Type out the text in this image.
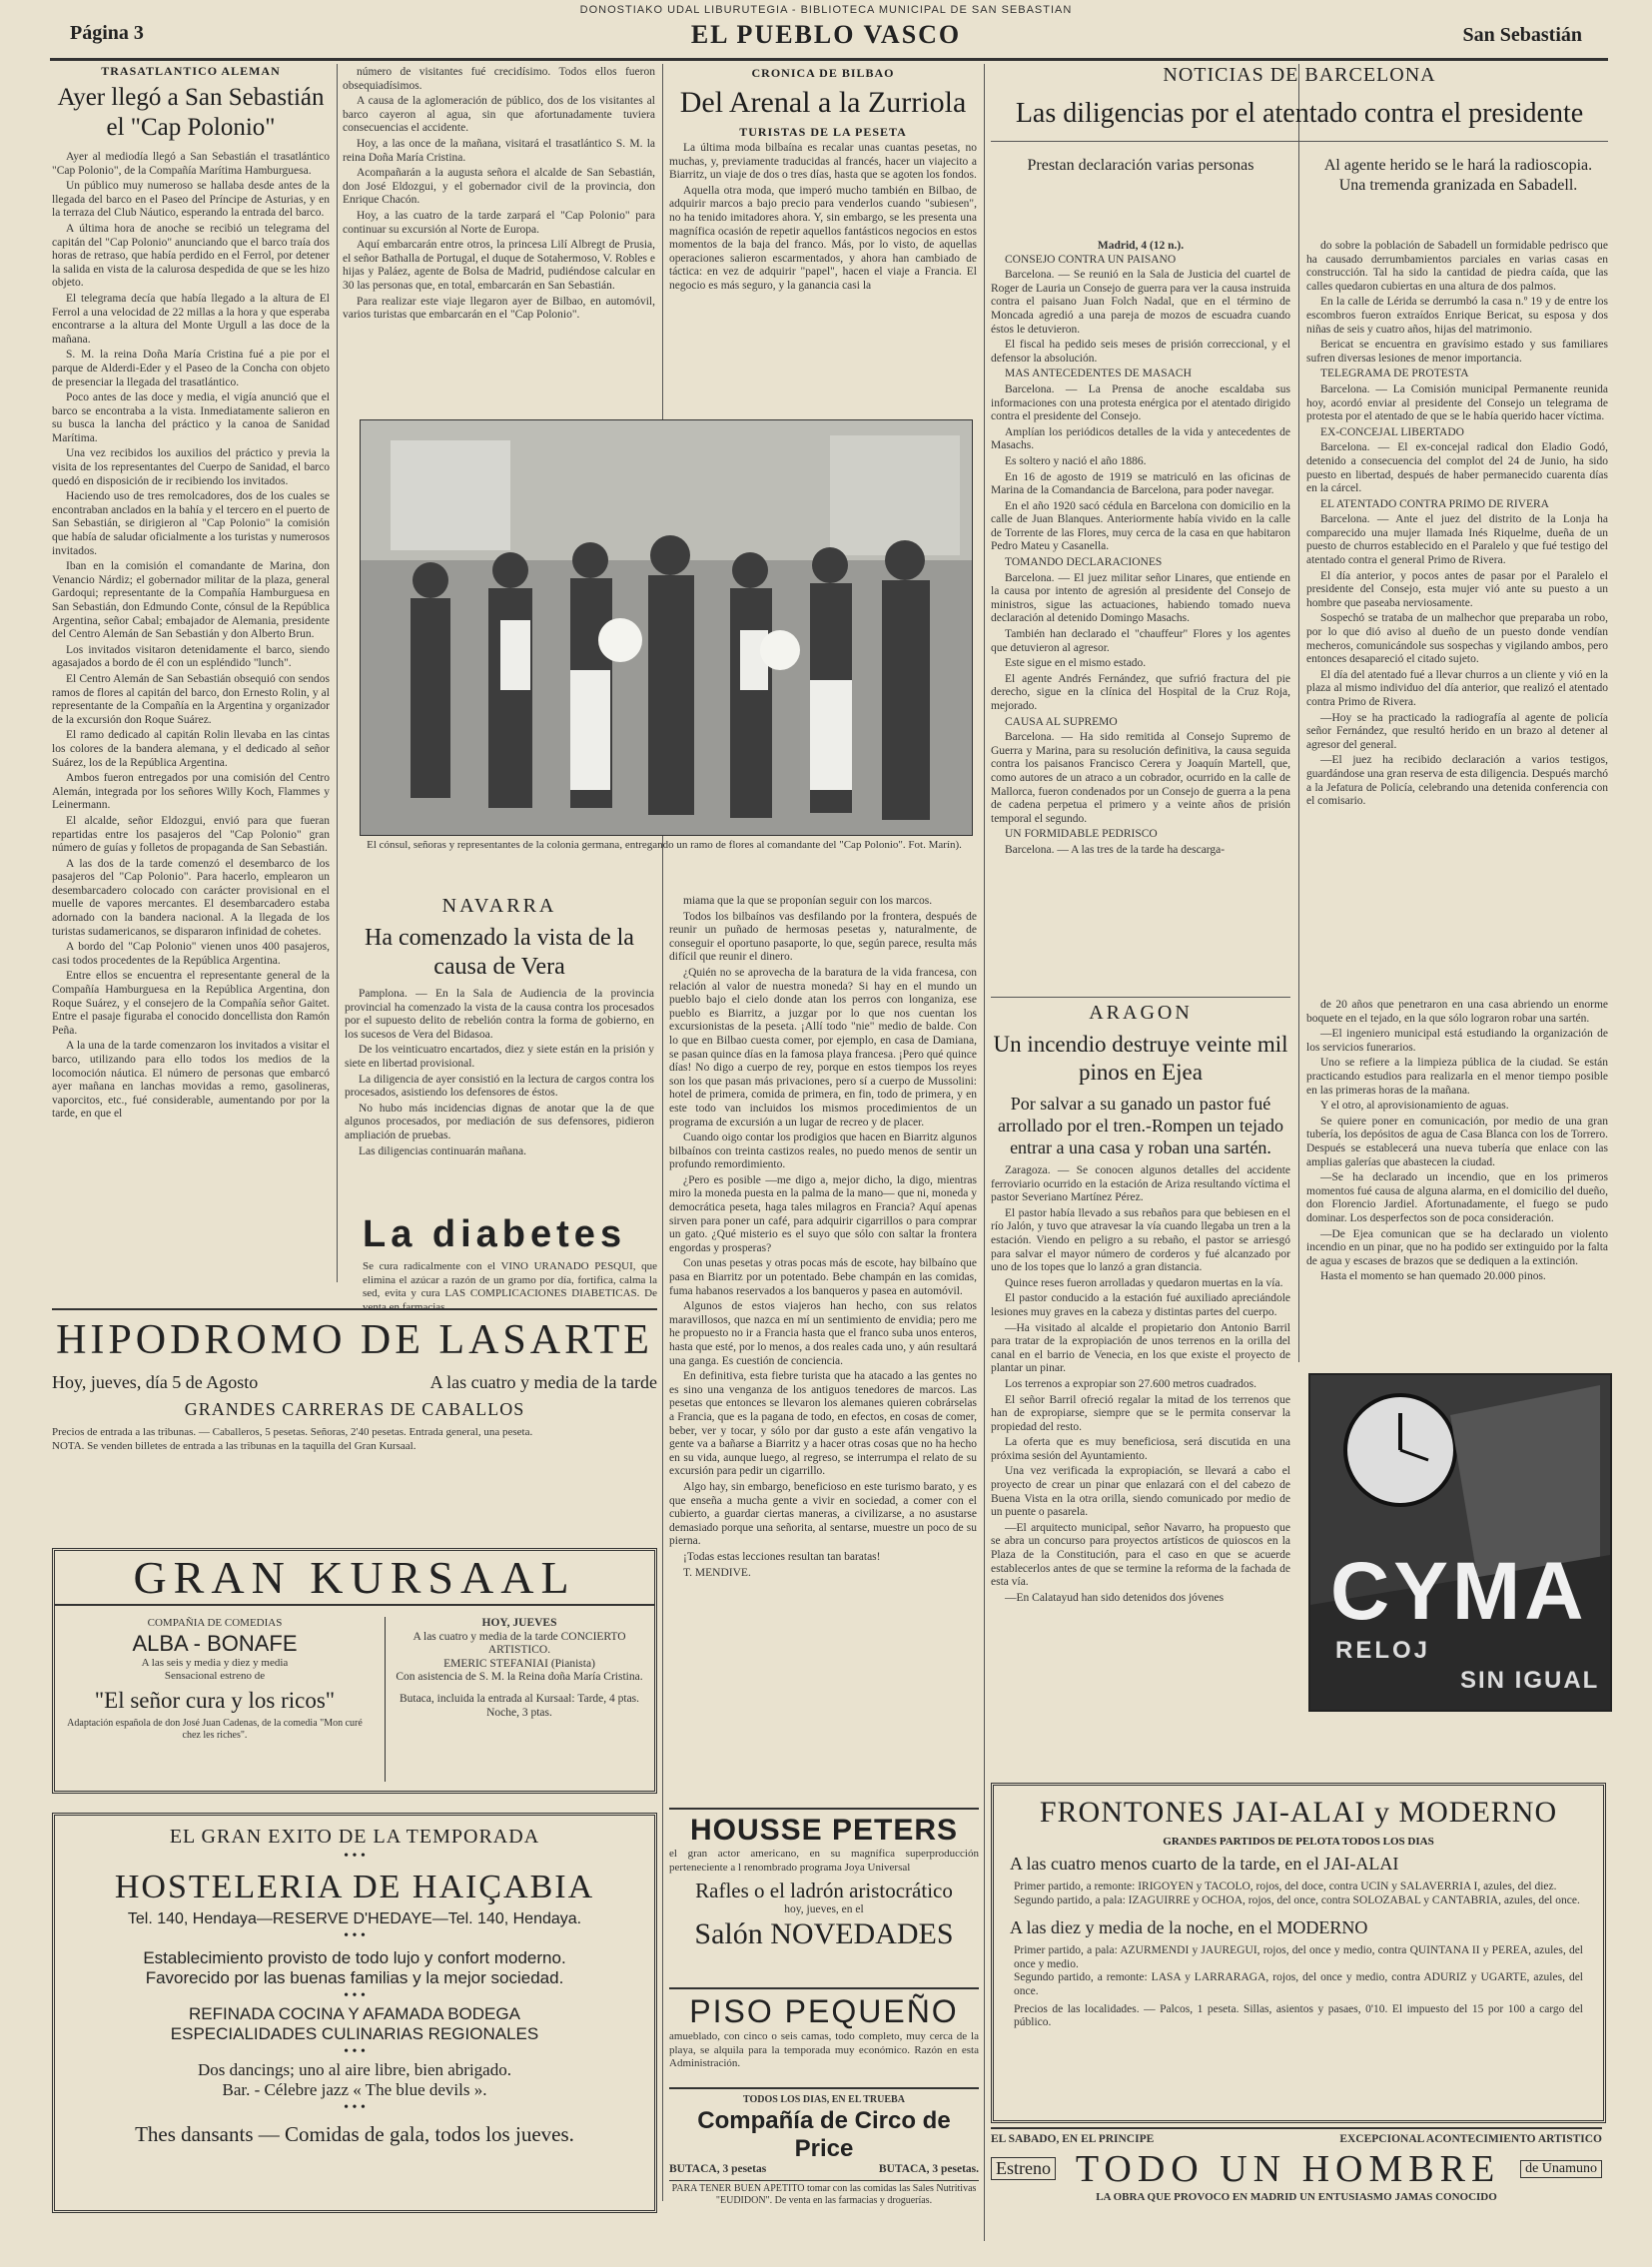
DONOSTIAKO UDAL LIBURUTEGIA - BIBLIOTECA MUNICIPAL DE SAN SEBASTIAN
Página 3	EL PUEBLO VASCO	San Sebastián
TRASATLANTICO ALEMAN
Ayer llegó a San Sebastián el "Cap Polonio"

Ayer al mediodía llegó a San Sebastián el trasatlántico "Cap Polonio", de la Compañía Marítima Hamburguesa.

Un público muy numeroso se hallaba desde antes de la llegada del barco en el Paseo del Príncipe de Asturias, y en la terraza del Club Náutico, esperando la entrada del barco.

A última hora de anoche se recibió un telegrama del capitán del "Cap Polonio" anunciando que el barco traía dos horas de retraso, que había perdido en el Ferrol, por detener la salida en vista de la calurosa despedida de que se les hizo objeto.

El telegrama decía que había llegado a la altura de El Ferrol a una velocidad de 22 millas a la hora y que esperaba encontrarse a la altura del Monte Urgull a las doce de la mañana.

S. M. la reina Doña María Cristina fué a pie por el parque de Alderdi-Eder y el Paseo de la Concha con objeto de presenciar la llegada del trasatlántico.

Poco antes de las doce y media, el vigía anunció que el barco se encontraba a la vista. Inmediatamente salieron en su busca la lancha del práctico y la canoa de Sanidad Marítima.

Una vez recibidos los auxilios del práctico y previa la visita de los representantes del Cuerpo de Sanidad, el barco quedó en disposición de ir recibiendo los invitados.

Haciendo uso de tres remolcadores, dos de los cuales se encontraban anclados en la bahía y el tercero en el puerto de San Sebastián, se dirigieron al "Cap Polonio" la comisión que había de saludar oficialmente a los turistas y numerosos invitados.

Iban en la comisión el comandante de Marina, don Venancio Nárdiz; el gobernador militar de la plaza, general Gardoqui; representante de la Compañía Hamburguesa en San Sebastián, don Edmundo Conte, cónsul de la República Argentina, señor Cabal; embajador de Alemania, presidente del Centro Alemán de San Sebastián y don Alberto Brun.

Los invitados visitaron detenidamente el barco, siendo agasajados a bordo de él con un espléndido "lunch".

El Centro Alemán de San Sebastián obsequió con sendos ramos de flores al capitán del barco, don Ernesto Rolin, y al representante de la Compañía en la Argentina y organizador de la excursión don Roque Suárez.

El ramo dedicado al capitán Rolin llevaba en las cintas los colores de la bandera alemana, y el dedicado al señor Suárez, los de la República Argentina.

Ambos fueron entregados por una comisión del Centro Alemán, integrada por los señores Willy Koch, Flammes y Leinermann.

El alcalde, señor Eldozgui, envió para que fueran repartidas entre los pasajeros del "Cap Polonio" gran número de guías y folletos de propaganda de San Sebastián.

A las dos de la tarde comenzó el desembarco de los pasajeros del "Cap Polonio". Para hacerlo, emplearon un desembarcadero colocado con carácter provisional en el muelle de vapores mercantes. El desembarcadero estaba adornado con la bandera nacional. A la llegada de los turistas sudamericanos, se dispararon infinidad de cohetes.

A bordo del "Cap Polonio" vienen unos 400 pasajeros, casi todos procedentes de la República Argentina.

Entre ellos se encuentra el representante general de la Compañía Hamburguesa en la República Argentina, don Roque Suárez, y el consejero de la Compañía señor Gaitet. Entre el pasaje figuraba el conocido doncellista don Ramón Peña.

A la una de la tarde comenzaron los invitados a visitar el barco, utilizando para ello todos los medios de la locomoción náutica. El número de personas que embarcó ayer mañana en lanchas movidas a remo, gasolineras, vaporcitos, etc., fué considerable, aumentando por por la tarde, en que el

número de visitantes fué crecidísimo. Todos ellos fueron obsequiadísimos.

A causa de la aglomeración de público, dos de los visitantes al barco cayeron al agua, sin que afortunadamente tuviera consecuencias el accidente.

Hoy, a las once de la mañana, visitará el trasatlántico S. M. la reina Doña María Cristina.

Acompañarán a la augusta señora el alcalde de San Sebastián, don José Eldozgui, y el gobernador civil de la provincia, don Enrique Chacón.

Hoy, a las cuatro de la tarde zarpará el "Cap Polonio" para continuar su excursión al Norte de Europa.

Aquí embarcarán entre otros, la princesa Lilí Albregt de Prusia, el señor Bathalla de Portugal, el duque de Sotahermoso, V. Robles e hijas y Paláez, agente de Bolsa de Madrid, pudiéndose calcular en 30 las personas que, en total, embarcarán en San Sebastián.

Para realizar este viaje llegaron ayer de Bilbao, en automóvil, varios turistas que embarcarán en el "Cap Polonio".

CRONICA DE BILBAO
Del Arenal a la Zurriola
TURISTAS DE LA PESETA

La última moda bilbaína es recalar unas cuantas pesetas, no muchas, y, previamente traducidas al francés, hacer un viajecito a Biarritz, un viaje de dos o tres días, hasta que se agoten los fondos.

Aquella otra moda, que imperó mucho también en Bilbao, de adquirir marcos a bajo precio para venderlos cuando "subiesen", no ha tenido imitadores ahora. Y, sin embargo, se les presenta una magnífica ocasión de repetir aquellos fantásticos negocios en estos momentos de la baja del franco. Más, por lo visto, de aquellas operaciones salieron escarmentados, y ahora han cambiado de táctica: en vez de adquirir "papel", hacen el viaje a Francia. El negocio es más seguro, y la ganancia casi la

El cónsul, señoras y representantes de la colonia germana, entregando un ramo de flores al comandante del "Cap Polonio". Fot. Marín).
NAVARRA
Ha comenzado la vista de la causa de Vera

Pamplona. — En la Sala de Audiencia de la provincia provincial ha comenzado la vista de la causa contra los procesados por el supuesto delito de rebelión contra la forma de gobierno, en los sucesos de Vera del Bidasoa.

De los veinticuatro encartados, diez y siete están en la prisión y siete en libertad provisional.

La diligencia de ayer consistió en la lectura de cargos contra los procesados, asistiendo los defensores de éstos.

No hubo más incidencias dignas de anotar que la de que algunos procesados, por mediación de sus defensores, pidieron ampliación de pruebas.

Las diligencias continuarán mañana.

La diabetes
Se cura radicalmente con el VINO URANADO PESQUI, que elimina el azúcar a razón de un gramo por día, fortifica, calma la sed, evita y cura LAS COMPLICACIONES DIABETICAS. De venta en farmacias.

miama que la que se proponían seguir con los marcos.

Todos los bilbaínos vas desfilando por la frontera, después de reunir un puñado de hermosas pesetas y, naturalmente, de conseguir el oportuno pasaporte, lo que, según parece, resulta más difícil que reunir el dinero.

¿Quién no se aprovecha de la baratura de la vida francesa, con relación al valor de nuestra moneda? Si hay en el mundo un pueblo bajo el cielo donde atan los perros con longaniza, ese pueblo es Biarritz, a juzgar por lo que nos cuentan los excursionistas de la peseta. ¡Allí todo "nie" medio de balde. Con lo que en Bilbao cuesta comer, por ejemplo, en casa de Damiana, se pasan quince días en la famosa playa francesa. ¡Pero qué quince días! No digo a cuerpo de rey, porque en estos tiempos los reyes son los que pasan más privaciones, pero sí a cuerpo de Mussolini: hotel de primera, comida de primera, en fin, todo de primera, y en este todo van incluidos los mismos procedimientos de un programa de excursión a un lugar de recreo y de placer.

Cuando oigo contar los prodigios que hacen en Biarritz algunos bilbaínos con treinta castizos reales, no puedo menos de sentir un profundo remordimiento.

¿Pero es posible —me digo a, mejor dicho, la digo, mientras miro la moneda puesta en la palma de la mano— que ni, moneda y democrática peseta, haga tales milagros en Francia? Aquí apenas sirven para poner un café, para adquirir cigarrillos o para comprar un gato. ¿Qué misterio es el suyo que sólo con saltar la frontera engordas y prosperas?

Con unas pesetas y otras pocas más de escote, hay bilbaíno que pasa en Biarritz por un potentado. Bebe champán en las comidas, fuma habanos reservados a los banqueros y pasea en automóvil.

Algunos de estos viajeros han hecho, con sus relatos maravillosos, que nazca en mí un sentimiento de envidia; pero me he propuesto no ir a Francia hasta que el franco suba unos enteros, hasta que esté, por lo menos, a dos reales cada uno, y aún resultará una ganga. Es cuestión de conciencia.

En definitiva, esta fiebre turista que ha atacado a las gentes no es sino una venganza de los antiguos tenedores de marcos. Las pesetas que entonces se llevaron los alemanes quieren cobrárselas a Francia, que es la pagana de todo, en efectos, en cosas de comer, beber, ver y tocar, y sólo por dar gusto a este afán vengativo la gente va a bañarse a Biarritz y a hacer otras cosas que no ha hecho en su vida, aunque luego, al regreso, se interrumpa el relato de su excursión para pedir un cigarrillo.

Algo hay, sin embargo, beneficioso en este turismo barato, y es que enseña a mucha gente a vivir en sociedad, a comer con el cubierto, a guardar ciertas maneras, a civilizarse, a no asustarse demasiado porque una señorita, al sentarse, muestre un poco de su pierna.

¡Todas estas lecciones resultan tan baratas!

T. MENDIVE.

HIPODROMO DE LASARTE
Hoy, jueves, día 5 de Agosto	A las cuatro y media de la tarde
GRANDES CARRERAS DE CABALLOS
Precios de entrada a las tribunas. — Caballeros, 5 pesetas. Señoras, 2'40 pesetas. Entrada general, una peseta.
NOTA. Se venden billetes de entrada a las tribunas en la taquilla del Gran Kursaal.
GRAN KURSAAL
COMPAÑIA DE COMEDIAS
ALBA - BONAFE
A las seis y media y diez y media
Sensacional estreno de
"El señor cura y los ricos"
Adaptación española de don José Juan Cadenas, de la comedia "Mon curé chez les riches".
HOY, JUEVES
A las cuatro y media de la tarde CONCIERTO ARTISTICO.
EMERIC STEFANIAI (Pianista)
Con asistencia de S. M. la Reina doña María Cristina.
Butaca, incluida la entrada al Kursaal: Tarde, 4 ptas. Noche, 3 ptas.
EL GRAN EXITO DE LA TEMPORADA
• • •
HOSTELERIA DE HAIÇABIA
Tel. 140, Hendaya—RESERVE D'HEDAYE—Tel. 140, Hendaya.
• • •
Establecimiento provisto de todo lujo y confort moderno.
Favorecido por las buenas familias y la mejor sociedad.
• • •
REFINADA COCINA Y AFAMADA BODEGA
ESPECIALIDADES CULINARIAS REGIONALES
• • •
Dos dancings; uno al aire libre, bien abrigado.
Bar. - Célebre jazz « The blue devils ».
• • •
Thes dansants — Comidas de gala, todos los jueves.
NOTICIAS DE BARCELONA
Las diligencias por el atentado contra el presidente
Prestan declaración varias personas	Al agente herido se le hará la radioscopia.
Una tremenda granizada en Sabadell.
Madrid, 4 (12 n.).

CONSEJO CONTRA UN PAISANO

Barcelona. — Se reunió en la Sala de Justicia del cuartel de Roger de Lauria un Consejo de guerra para ver la causa instruida contra el paisano Juan Folch Nadal, que en el término de Moncada agredió a una pareja de mozos de escuadra cuando éstos le detuvieron.

El fiscal ha pedido seis meses de prisión correccional, y el defensor la absolución.

MAS ANTECEDENTES DE MASACH

Barcelona. — La Prensa de anoche escaldaba sus informaciones con una protesta enérgica por el atentado dirigido contra el presidente del Consejo.

Amplían los periódicos detalles de la vida y antecedentes de Masachs.

Es soltero y nació el año 1886.

En 16 de agosto de 1919 se matriculó en las oficinas de Marina de la Comandancia de Barcelona, para poder navegar.

En el año 1920 sacó cédula en Barcelona con domicilio en la calle de Juan Blanques. Anteriormente había vivido en la calle de Torrente de las Flores, muy cerca de la casa en que habitaron Pedro Mateu y Casanella.

TOMANDO DECLARACIONES

Barcelona. — El juez militar señor Linares, que entiende en la causa por intento de agresión al presidente del Consejo de ministros, sigue las actuaciones, habiendo tomado nueva declaración al detenido Domingo Masachs.

También han declarado el "chauffeur" Flores y los agentes que detuvieron al agresor.

Este sigue en el mismo estado.

El agente Andrés Fernández, que sufrió fractura del pie derecho, sigue en la clínica del Hospital de la Cruz Roja, mejorado.

CAUSA AL SUPREMO

Barcelona. — Ha sido remitida al Consejo Supremo de Guerra y Marina, para su resolución definitiva, la causa seguida contra los paisanos Francisco Cerera y Joaquín Martell, que, como autores de un atraco a un cobrador, ocurrido en la calle de Mallorca, fueron condenados por un Consejo de guerra a la pena de cadena perpetua el primero y a veinte años de prisión temporal el segundo.

UN FORMIDABLE PEDRISCO

Barcelona. — A las tres de la tarde ha descarga-

do sobre la población de Sabadell un formidable pedrisco que ha causado derrumbamientos parciales en varias casas en construcción. Tal ha sido la cantidad de piedra caída, que las calles quedaron cubiertas en una altura de dos palmos.

En la calle de Lérida se derrumbó la casa n.º 19 y de entre los escombros fueron extraídos Enrique Bericat, su esposa y dos niñas de seis y cuatro años, hijas del matrimonio.

Bericat se encuentra en gravísimo estado y sus familiares sufren diversas lesiones de menor importancia.

TELEGRAMA DE PROTESTA

Barcelona. — La Comisión municipal Permanente reunida hoy, acordó enviar al presidente del Consejo un telegrama de protesta por el atentado de que se le había querido hacer víctima.

EX-CONCEJAL LIBERTADO

Barcelona. — El ex-concejal radical don Eladio Godó, detenido a consecuencia del complot del 24 de Junio, ha sido puesto en libertad, después de haber permanecido cuarenta días en la cárcel.

EL ATENTADO CONTRA PRIMO DE RIVERA

Barcelona. — Ante el juez del distrito de la Lonja ha comparecido una mujer llamada Inés Riquelme, dueña de un puesto de churros establecido en el Paralelo y que fué testigo del atentado contra el general Primo de Rivera.

El día anterior, y pocos antes de pasar por el Paralelo el presidente del Consejo, esta mujer vió ante su puesto a un hombre que paseaba nerviosamente.

Sospechó se trataba de un malhechor que preparaba un robo, por lo que dió aviso al dueño de un puesto donde vendían mecheros, comunicándole sus sospechas y vigilando ambos, pero entonces desapareció el citado sujeto.

El día del atentado fué a llevar churros a un cliente y vió en la plaza al mismo individuo del día anterior, que realizó el atentado contra Primo de Rivera.

—Hoy se ha practicado la radiografía al agente de policía señor Fernández, que resultó herido en un brazo al detener al agresor del general.

—El juez ha recibido declaración a varios testigos, guardándose una gran reserva de esta diligencia. Después marchó a la Jefatura de Policía, celebrando una detenida conferencia con el comisario.

ARAGON
Un incendio destruye veinte mil pinos en Ejea
Por salvar a su ganado un pastor fué arrollado por el tren.-Rompen un tejado entrar a una casa y roban una sartén.

Zaragoza. — Se conocen algunos detalles del accidente ferroviario ocurrido en la estación de Ariza resultando víctima el pastor Severiano Martínez Pérez.

El pastor había llevado a sus rebaños para que bebiesen en el río Jalón, y tuvo que atravesar la vía cuando llegaba un tren a la estación. Viendo en peligro a su rebaño, el pastor se arriesgó para salvar el mayor número de corderos y fué alcanzado por uno de los topes que lo lanzó a gran distancia.

Quince reses fueron arrolladas y quedaron muertas en la vía.

El pastor conducido a la estación fué auxiliado apreciándole lesiones muy graves en la cabeza y distintas partes del cuerpo.

—Ha visitado al alcalde el propietario don Antonio Barril para tratar de la expropiación de unos terrenos en la orilla del canal en el barrio de Venecia, en los que existe el proyecto de plantar un pinar.

Los terrenos a expropiar son 27.600 metros cuadrados.

El señor Barril ofreció regalar la mitad de los terrenos que han de expropiarse, siempre que se le permita conservar la propiedad del resto.

La oferta que es muy beneficiosa, será discutida en una próxima sesión del Ayuntamiento.

Una vez verificada la expropiación, se llevará a cabo el proyecto de crear un pinar que enlazará con el del cabezo de Buena Vista en la otra orilla, siendo comunicado por medio de un puente o pasarela.

—El arquitecto municipal, señor Navarro, ha propuesto que se abra un concurso para proyectos artísticos de quioscos en la Plaza de la Constitución, para el caso en que se acuerde establecerlos antes de que se termine la reforma de la fachada de esta vía.

—En Calatayud han sido detenidos dos jóvenes

de 20 años que penetraron en una casa abriendo un enorme boquete en el tejado, en la que sólo lograron robar una sartén.

—El ingeniero municipal está estudiando la organización de los servicios funerarios.

Uno se refiere a la limpieza pública de la ciudad. Se están practicando estudios para realizarla en el menor tiempo posible en las primeras horas de la mañana.

Y el otro, al aprovisionamiento de aguas.

Se quiere poner en comunicación, por medio de una gran tubería, los depósitos de agua de Casa Blanca con los de Torrero. Después se establecerá una nueva tubería que enlace con las amplias galerías que abastecen la ciudad.

—Se ha declarado un incendio, que en los primeros momentos fué causa de alguna alarma, en el domicilio del dueño, don Florencio Jardiel. Afortunadamente, el fuego se pudo dominar. Los desperfectos son de poca consideración.

—De Ejea comunican que se ha declarado un violento incendio en un pinar, que no ha podido ser extinguido por la falta de agua y escases de brazos que se dediquen a la extinción.

Hasta el momento se han quemado 20.000 pinos.

CYMA
RELOJ
SIN IGUAL
FRONTONES JAI-ALAI y MODERNO
GRANDES PARTIDOS DE PELOTA TODOS LOS DIAS
A las cuatro menos cuarto de la tarde, en el JAI-ALAI
Primer partido, a remonte: IRIGOYEN y TACOLO, rojos, del doce, contra UCIN y SALAVERRIA I, azules, del diez.
Segundo partido, a pala: IZAGUIRRE y OCHOA, rojos, del once, contra SOLOZABAL y CANTABRIA, azules, del once.
A las diez y media de la noche, en el MODERNO
Primer partido, a pala: AZURMENDI y JAUREGUI, rojos, del once y medio, contra QUINTANA II y PEREA, azules, del once y medio.
Segundo partido, a remonte: LASA y LARRARAGA, rojos, del once y medio, contra ADURIZ y UGARTE, azules, del once.
Precios de las localidades. — Palcos, 1 peseta. Sillas, asientos y pasaes, 0'10. El impuesto del 15 por 100 a cargo del público.
EL SABADO, EN EL PRINCIPE	EXCEPCIONAL ACONTECIMIENTO ARTISTICO
Estreno TODO UN HOMBRE	de Unamuno
LA OBRA QUE PROVOCO EN MADRID UN ENTUSIASMO JAMAS CONOCIDO
HOUSSE PETERS
el gran actor americano, en su magnífica superproducción perteneciente a l renombrado programa Joya Universal
Rafles o el ladrón aristocrático
hoy, jueves, en el
Salón NOVEDADES
PISO PEQUEÑO
amueblado, con cinco o seis camas, todo completo, muy cerca de la playa, se alquila para la temporada muy económico. Razón en esta Administración.
TODOS LOS DIAS, EN EL TRUEBA
Compañía de Circo de Price
BUTACA, 3 pesetas	BUTACA, 3 pesetas.
PARA TENER BUEN APETITO tomar con las comidas las Sales Nutritivas "EUDIDON". De venta en las farmacias y droguerías.
